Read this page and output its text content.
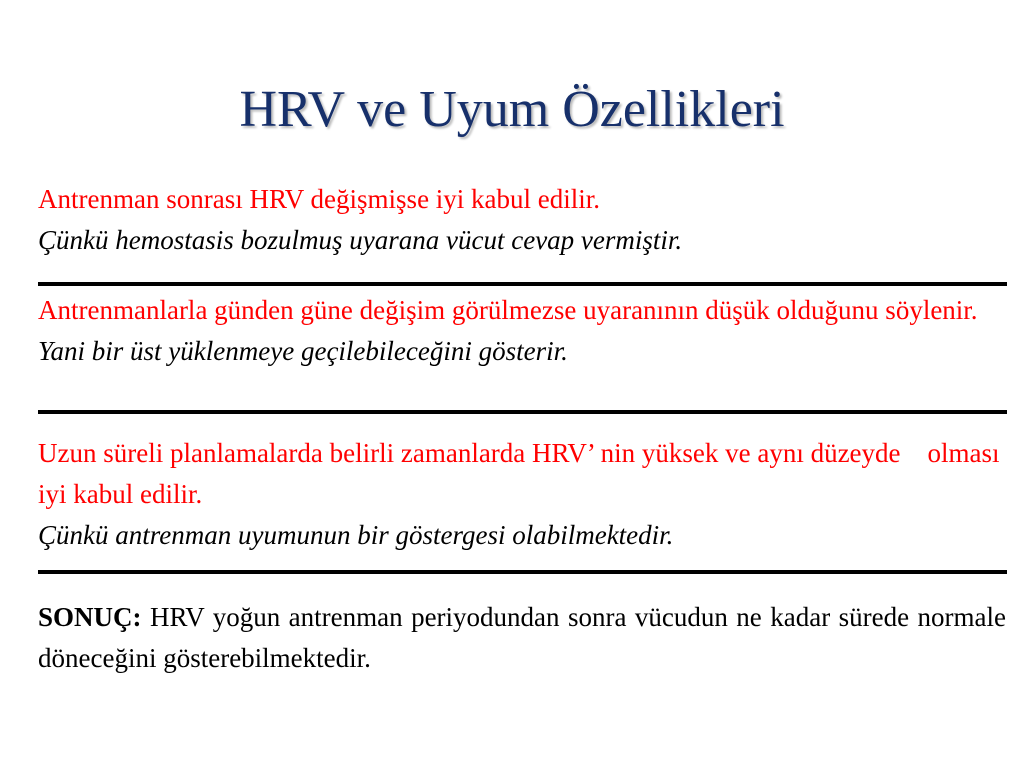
HRV ve Uyum Özellikleri
Antrenman sonrası HRV değişmişse iyi kabul edilir.
Çünkü hemostasis bozulmuş uyarana vücut cevap vermiştir.
Antrenmanlarla günden güne değişim görülmezse uyaranının düşük olduğunu söylenir.
Yani bir üst yüklenmeye geçilebileceğini gösterir.
Uzun süreli planlamalarda belirli zamanlarda HRV’ nin yüksek ve aynı düzeyde    olması  iyi kabul edilir.
Çünkü antrenman uyumunun bir göstergesi olabilmektedir.
SONUÇ: HRV yoğun antrenman periyodundan sonra vücudun ne kadar sürede normale döneceğini gösterebilmektedir.
